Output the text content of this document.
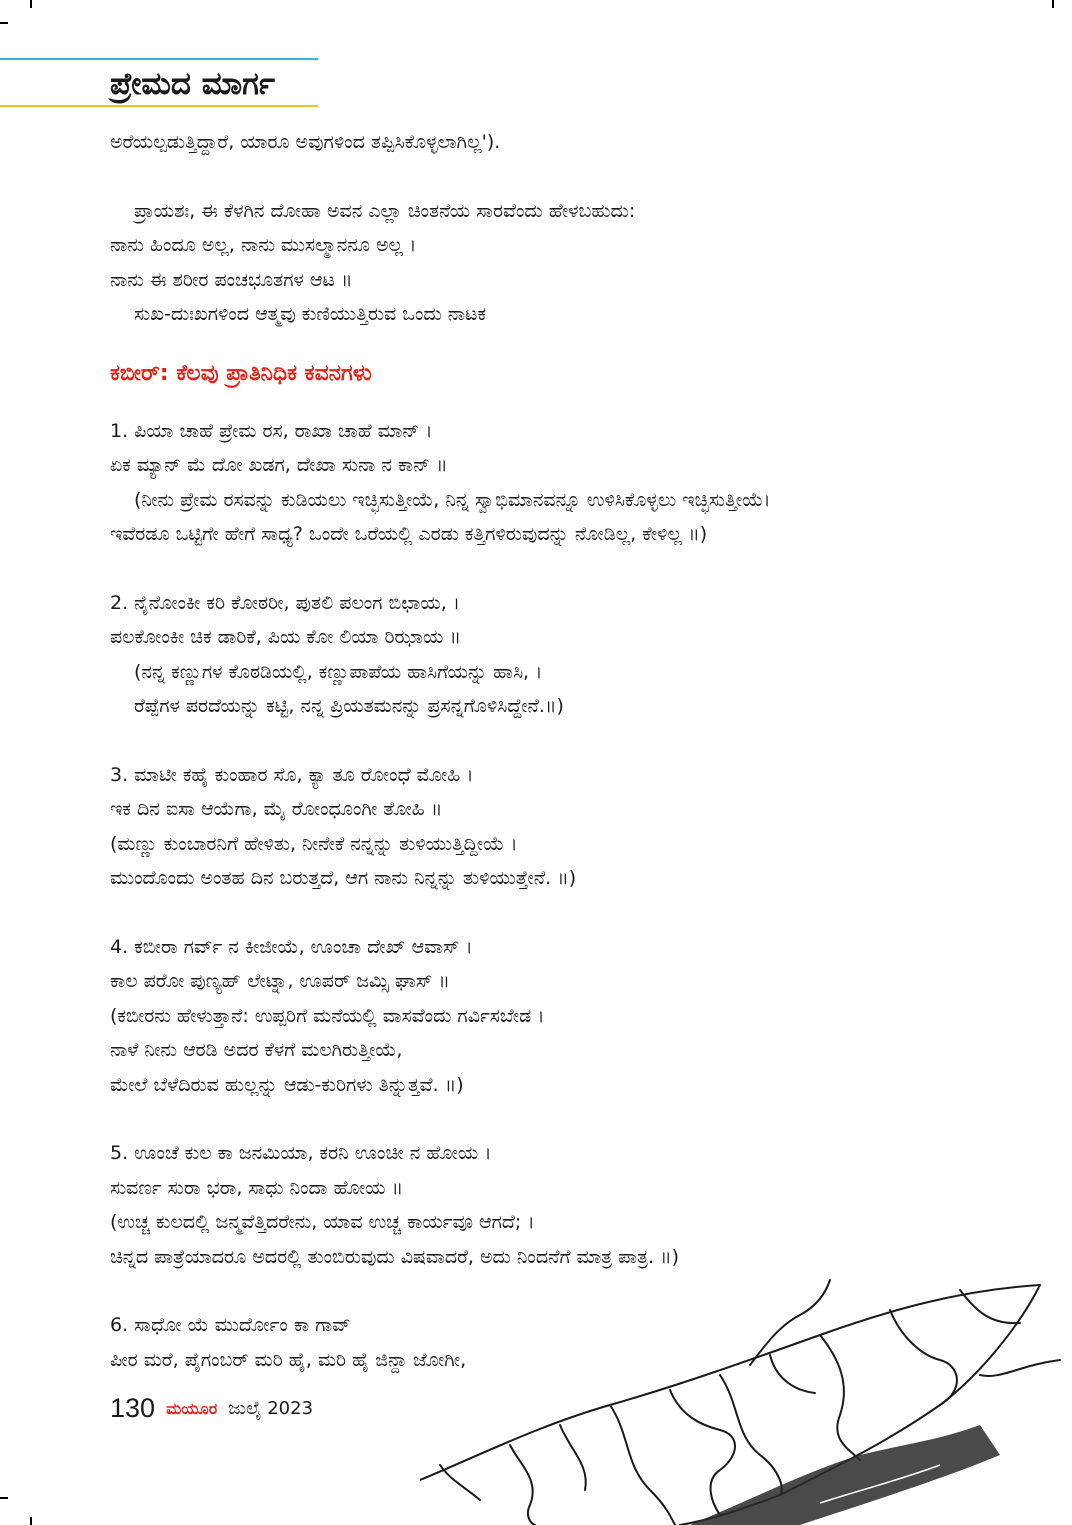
ಪ್ರೇಮದ ಮಾರ್ಗ
ಅರೆಯಲ್ಪಡುತ್ತಿದ್ದಾರೆ, ಯಾರೂ ಅವುಗಳಿಂದ ತಪ್ಪಿಸಿಕೊಳ್ಳಲಾಗಿಲ್ಲ').
ಪ್ರಾಯಶಃ, ಈ ಕೆಳಗಿನ ದೋಹಾ ಅವನ ಎಲ್ಲಾ ಚಿಂತನೆಯ ಸಾರವೆಂದು ಹೇಳಬಹುದು:
ನಾನು ಹಿಂದೂ ಅಲ್ಲ, ನಾನು ಮುಸಲ್ಮಾನನೂ ಅಲ್ಲ ।
ನಾನು ಈ ಶರೀರ ಪಂಚಭೂತಗಳ ಆಟ ॥
ಸುಖ-ದುಃಖಗಳಿಂದ ಆತ್ಮವು ಕುಣಿಯುತ್ತಿರುವ ಒಂದು ನಾಟಕ
ಕಬೀರ್: ಕೆಲವು ಪ್ರಾತಿನಿಧಿಕ ಕವನಗಳು
1. ಪಿಯಾ ಚಾಹೆ ಪ್ರೇಮ ರಸ, ರಾಖಾ ಚಾಹೆ ಮಾನ್ ।
ಏಕ ಮ್ಯಾನ್ ಮೆ ದೋ ಖಡಗ, ದೇಖಾ ಸುನಾ ನ ಕಾನ್ ॥
(ನೀನು ಪ್ರೇಮ ರಸವನ್ನು ಕುಡಿಯಲು ಇಚ್ಛಿಸುತ್ತೀಯೆ, ನಿನ್ನ ಸ್ವಾಭಿಮಾನವನ್ನೂ ಉಳಿಸಿಕೊಳ್ಳಲು ಇಚ್ಛಿಸುತ್ತೀಯೆ।
ಇವೆರಡೂ ಒಟ್ಟಿಗೇ ಹೇಗೆ ಸಾಧ್ಯ? ಒಂದೇ ಒರೆಯಲ್ಲಿ ಎರಡು ಕತ್ತಿಗಳಿರುವುದನ್ನು ನೋಡಿಲ್ಲ, ಕೇಳಿಲ್ಲ ॥)
2. ನೈನೋಂಕೀ ಕರಿ ಕೋಠರೀ, ಪುತಲಿ ಪಲಂಗ ಬಿಛಾಯ, ।
ಪಲಕೋಂಕೀ ಚಿಕ ಡಾರಿಕೆ, ಪಿಯ ಕೋ ಲಿಯಾ ರಿಝಾಯ ॥
(ನನ್ನ ಕಣ್ಣುಗಳ ಕೊಠಡಿಯಲ್ಲಿ, ಕಣ್ಣುಪಾಪೆಯ ಹಾಸಿಗೆಯನ್ನು ಹಾಸಿ, ।
ರೆಪ್ಪೆಗಳ ಪರದೆಯನ್ನು ಕಟ್ಟಿ, ನನ್ನ ಪ್ರಿಯತಮನನ್ನು ಪ್ರಸನ್ನಗೊಳಿಸಿದ್ದೇನೆ.॥)
3. ಮಾಟೀ ಕಹೈ ಕುಂಹಾರ ಸೊ, ಕ್ಯಾ ತೂ ರೋಂಧೆ ಮೋಹಿ ।
ಇಕ ದಿನ ಐಸಾ ಆಯೆಗಾ, ಮೈ ರೋಂಧೂಂಗೀ ತೋಹಿ ॥
(ಮಣ್ಣು ಕುಂಬಾರನಿಗೆ ಹೇಳಿತು, ನೀನೇಕೆ ನನ್ನನ್ನು ತುಳಿಯುತ್ತಿದ್ದೀಯೆ ।
ಮುಂದೊಂದು ಅಂತಹ ದಿನ ಬರುತ್ತದೆ, ಆಗ ನಾನು ನಿನ್ನನ್ನು ತುಳಿಯುತ್ತೇನೆ. ॥)
4. ಕಬೀರಾ ಗರ್ವ್ ನ ಕೀಜೀಯೆ, ಊಂಚಾ ದೇಖ್ ಆವಾಸ್ ।
ಕಾಲ ಪರೋ ಪುಣ್ಯಹ್ ಲೇಟ್ನಾ, ಊಪರ್ ಜಮ್ಸಿ ಘಾಸ್ ॥
(ಕಬೀರನು ಹೇಳುತ್ತಾನೆ: ಉಪ್ಪರಿಗೆ ಮನೆಯಲ್ಲಿ ವಾಸವೆಂದು ಗರ್ವಿಸಬೇಡ ।
ನಾಳೆ ನೀನು ಆರಡಿ ಅದರ ಕೆಳಗೆ ಮಲಗಿರುತ್ತೀಯೆ,
ಮೇಲೆ ಬೆಳೆದಿರುವ ಹುಲ್ಲನ್ನು ಆಡು-ಕುರಿಗಳು ತಿನ್ನುತ್ತವೆ. ॥)
5. ಊಂಚೆ ಕುಲ ಕಾ ಜನಮಿಯಾ, ಕರನಿ ಊಂಚೀ ನ ಹೋಯ ।
ಸುವರ್ಣ ಸುರಾ ಭರಾ, ಸಾಧು ನಿಂದಾ ಹೋಯ ॥
(ಉಚ್ಚ ಕುಲದಲ್ಲಿ ಜನ್ಮವೆತ್ತಿದರೇನು, ಯಾವ ಉಚ್ಚ ಕಾರ್ಯವೂ ಆಗದೆ; ।
ಚಿನ್ನದ ಪಾತ್ರೆಯಾದರೂ ಅದರಲ್ಲಿ ತುಂಬಿರುವುದು ವಿಷವಾದರೆ, ಅದು ನಿಂದನೆಗೆ ಮಾತ್ರ ಪಾತ್ರ. ॥)
6. ಸಾಧೋ ಯೆ ಮುರ್ದೋಂ ಕಾ ಗಾವ್
ಪೀರ ಮರೆ, ಪೈಗಂಬರ್ ಮರಿ ಹೈ, ಮರಿ ಹೈ ಜಿನ್ದಾ ಜೋಗೀ,
130 ಮಯೂರ ಜುಲೈ 2023
